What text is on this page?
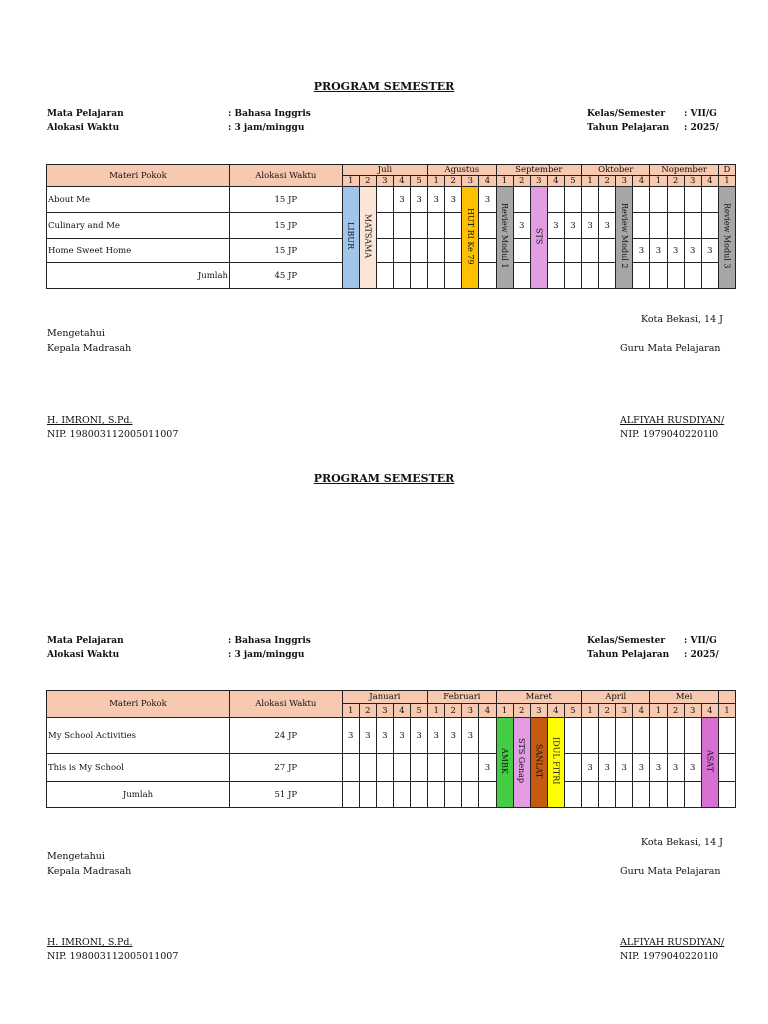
PROGRAM SEMESTER
Mata Pelajaran	: Bahasa Inggris
Alokasi Waktu	: 3 jam/minggu
Kelas/Semester : VII/G
Tahun Pelajaran : 2025/
Materi Pokok	Alokasi Waktu	Juli					Agustus				September					Oktober				Nopember				D
		1	2	3	4	5	1	2	3	4	1	2	3	4	5	1	2	3	4	1	2	3	4	1
About Me	15 JP	LIBUR	MATSAMA		3	3	3	3	HUT RI Ke 79	3	Review Modul 1		STS					Review Modul 2						Review Modul 3
Culinary and Me	15 JP											3		3	3	3	3							
Home Sweet Home	15 JP																		3	3	3	3	3	
Jumlah	45 JP																							
Kota Bekasi, 14 J
Mengetahui
Kepala Madrasah	Guru Mata Pelajaran
H. IMRONI, S.Pd.
NIP. 198003112005011007
ALFIYAH RUSDIYAN/
NIP. 19790402201l0
PROGRAM SEMESTER
Mata Pelajaran	: Bahasa Inggris
Alokasi Waktu	: 3 jam/minggu
Kelas/Semester : VII/G
Tahun Pelajaran : 2025/
Materi Pokok	Alokasi Waktu	Januari					Februari				Maret					April				Mei				
		1	2	3	4	5	1	2	3	4	1	2	3	4	5	1	2	3	4	1	2	3	4	1
My School Activities	24 JP	3	3	3	3	3	3	3	3		AMBK	STS Genap	SANLAT	IDUL FITRI									ASAT	
This is My School	27 JP									3						3	3	3	3	3	3	3		
Jumlah	51 JP																							
Kota Bekasi, 14 J
Mengetahui
Kepala Madrasah	Guru Mata Pelajaran
H. IMRONI, S.Pd.
NIP. 198003112005011007
ALFIYAH RUSDIYAN/
NIP. 19790402201l0
